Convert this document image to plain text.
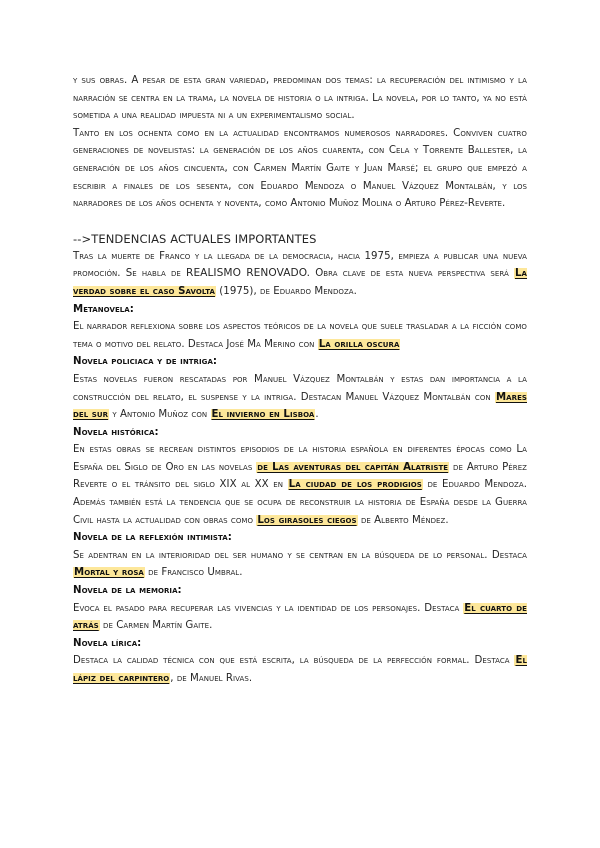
y sus obras. A pesar de esta gran variedad, predominan dos temas: la recuperación del intimismo y la narración se centra en la trama, la novela de historia o la intriga. La novela, por lo tanto, ya no está sometida a una realidad impuesta ni a un experimentalismo social.

Tanto en los ochenta como en la actualidad encontramos numerosos narradores. Conviven cuatro generaciones de novelistas: la generación de los años cuarenta, con Cela y Torrente Ballester, la generación de los años cincuenta, con Carmen Martín Gaite y Juan Marsé; el grupo que empezó a escribir a finales de los sesenta, con Eduardo Mendoza o Manuel Vázquez Montalbán, y los narradores de los años ochenta y noventa, como Antonio Muñoz Molina o Arturo Pérez-Reverte.

-->TENDENCIAS ACTUALES IMPORTANTES

Tras la muerte de Franco y la llegada de la democracia, hacia 1975, empieza a publicar una nueva promoción. Se habla de REALISMO RENOVADO. Obra clave de esta nueva perspectiva será La verdad sobre el caso Savolta (1975), de Eduardo Mendoza.

Metanovela:

El narrador reflexiona sobre los aspectos teóricos de la novela que suele trasladar a la ficción como tema o motivo del relato. Destaca José Ma Merino con La orilla oscura

Novela policiaca y de intriga:

Estas novelas fueron rescatadas por Manuel Vázquez Montalbán y estas dan importancia a la construcción del relato, el suspense y la intriga. Destacan Manuel Vázquez Montalbán con Mares del sur y Antonio Muñoz con El invierno en Lisboa.

Novela histórica:

En estas obras se recrean distintos episodios de la historia española en diferentes épocas como La España del Siglo de Oro en las novelas de Las aventuras del capitán Alatriste de Arturo Pérez Reverte o el tránsito del siglo XIX al XX en La ciudad de los prodigios de Eduardo Mendoza. Además también está la tendencia que se ocupa de reconstruir la historia de España desde la Guerra Civil hasta la actualidad con obras como Los girasoles ciegos de Alberto Méndez.

Novela de la reflexión intimista:

Se adentran en la interioridad del ser humano y se centran en la búsqueda de lo personal. Destaca Mortal y rosa de Francisco Umbral.

Novela de la memoria:

Evoca el pasado para recuperar las vivencias y la identidad de los personajes. Destaca El cuarto de atrás de Carmen Martín Gaite.

Novela lírica:

Destaca la calidad técnica con que está escrita, la búsqueda de la perfección formal. Destaca El lápiz del carpintero, de Manuel Rivas.
